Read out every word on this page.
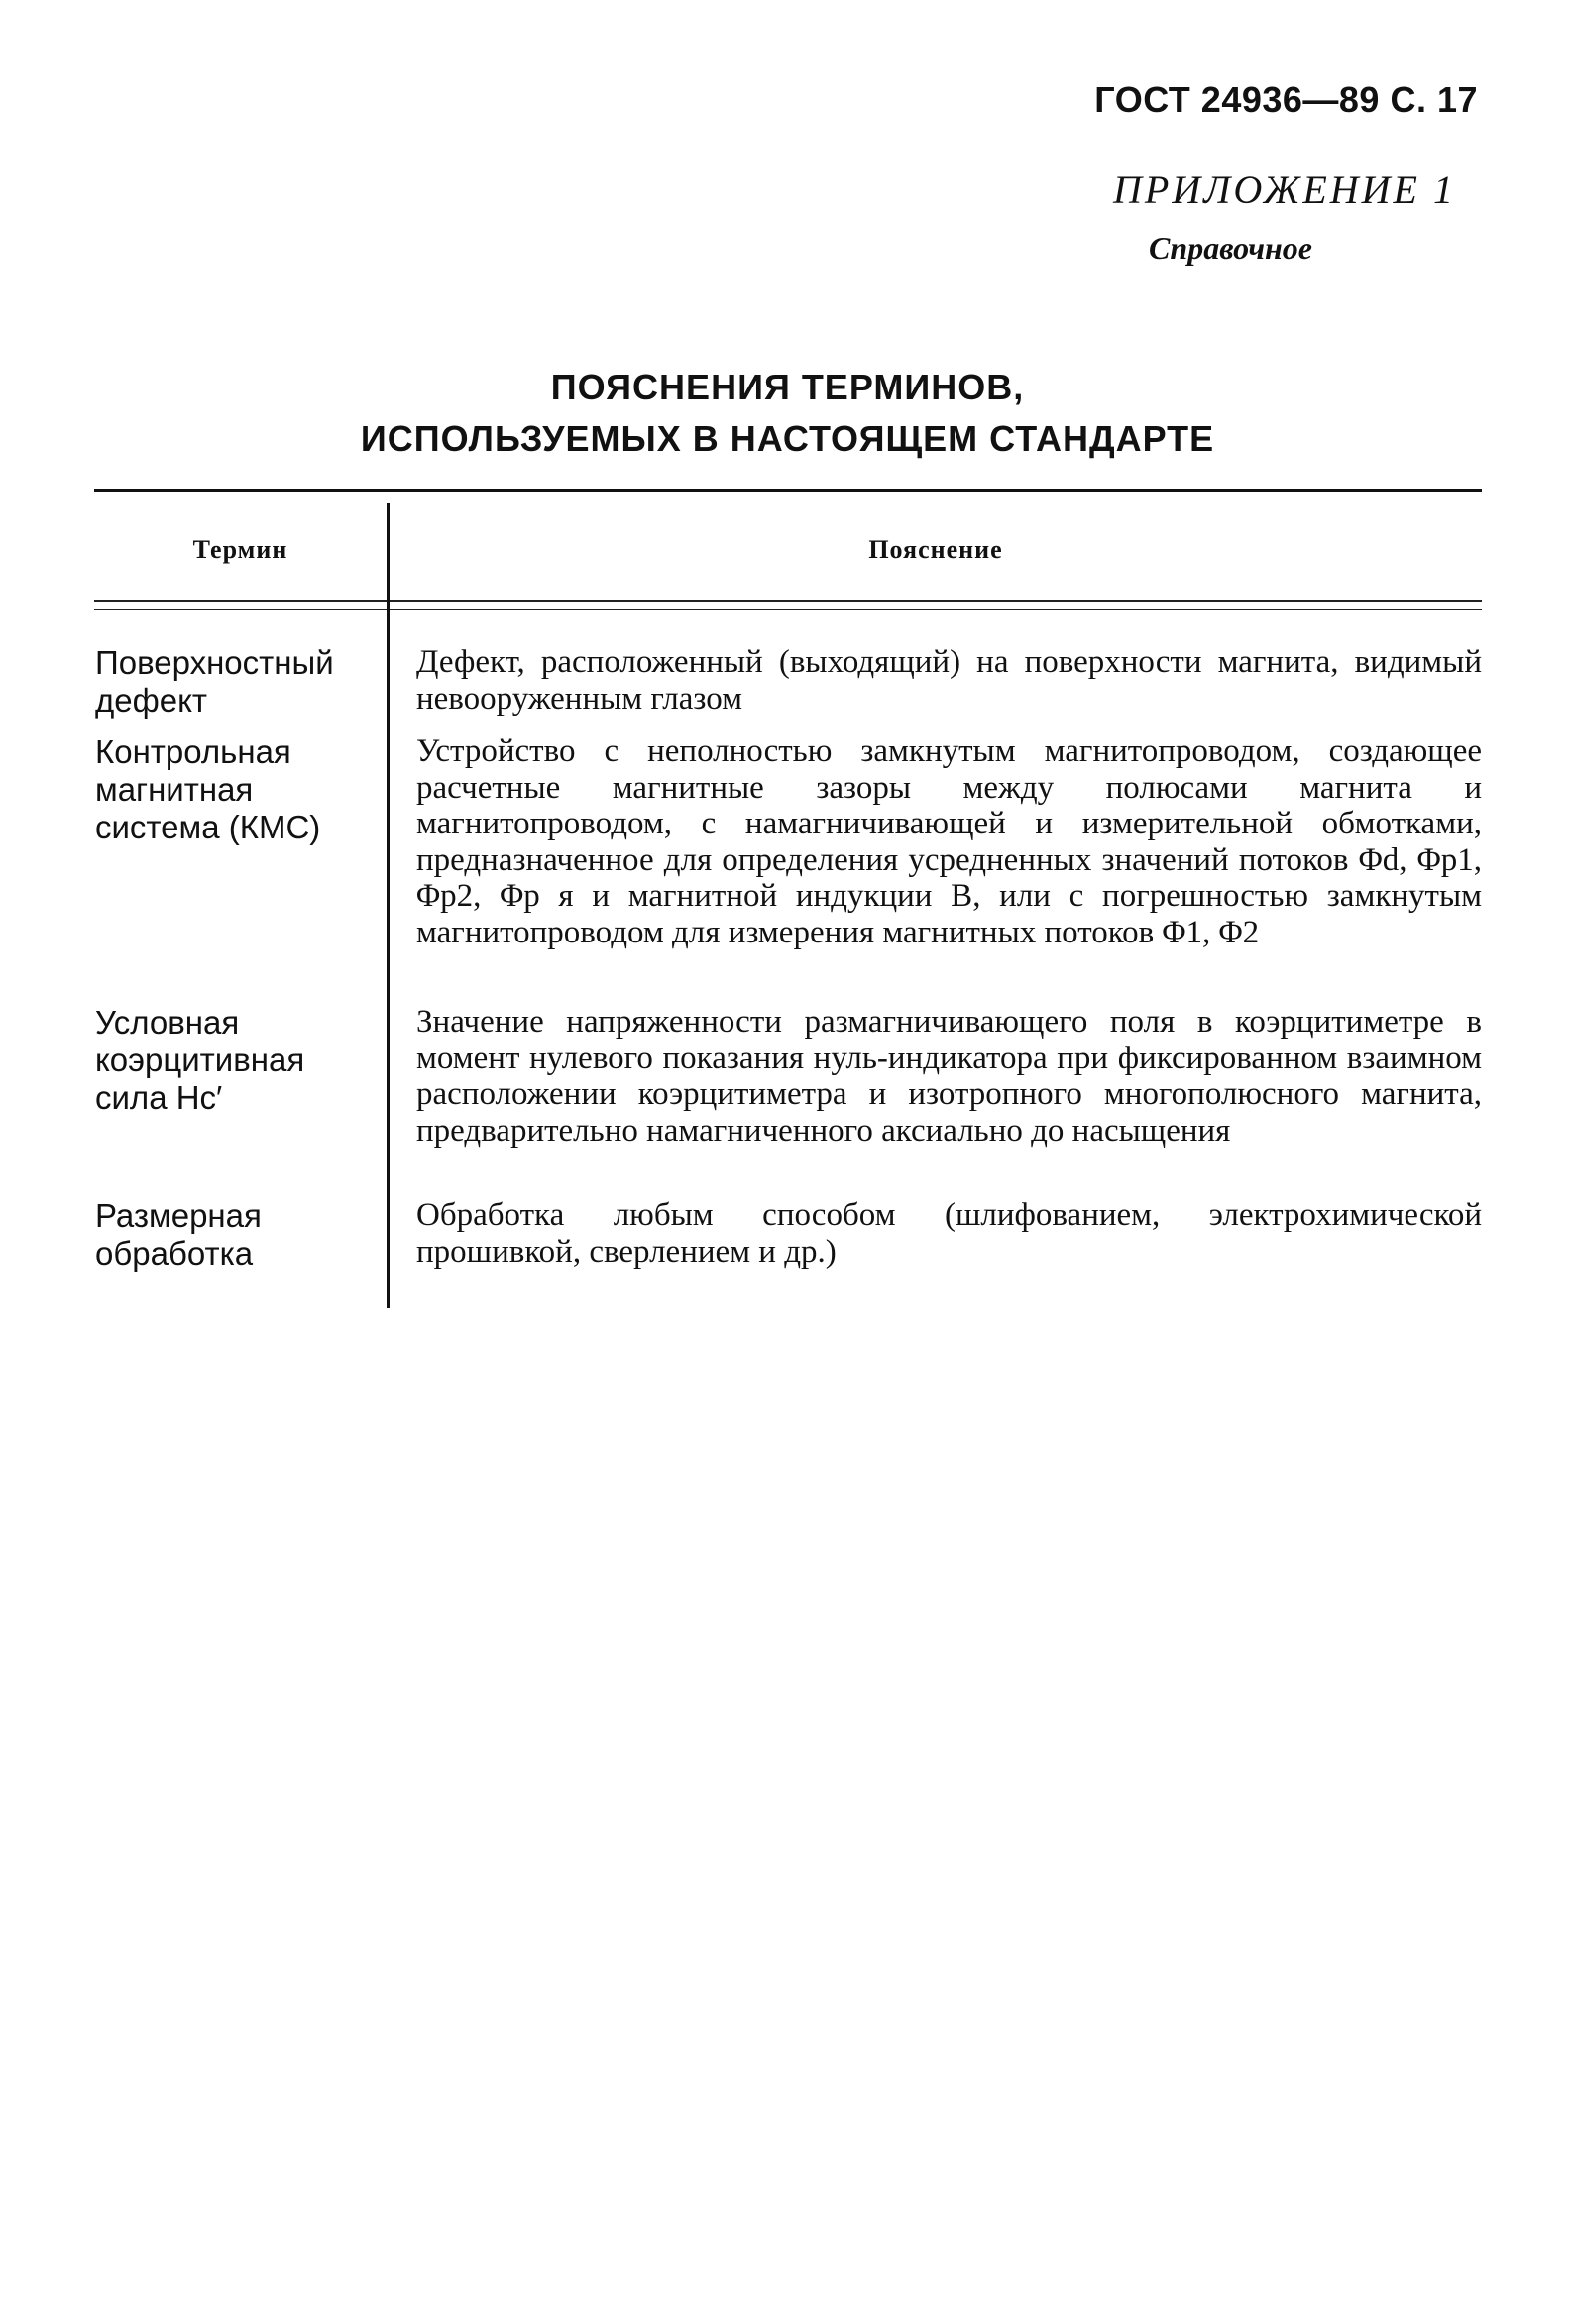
ГОСТ 24936—89 С. 17
ПРИЛОЖЕНИЕ 1
Справочное
ПОЯСНЕНИЯ ТЕРМИНОВ,
ИСПОЛЬЗУЕМЫХ В НАСТОЯЩЕМ СТАНДАРТЕ
Термин	Пояснение
Поверхностный дефект
Дефект, расположенный (выходящий) на поверхности магнита, видимый невооруженным глазом
Контрольная магнитная система (КМС)
Устройство с неполностью замкнутым магнитопроводом, создающее расчетные магнитные зазоры между полюсами магнита и магнитопроводом, с намагничивающей и измерительной обмотками, предназначенное для определения усредненных значений потоков Φd, Φp1, Φp2, Φp я и магнитной индукции B, или с погрешностью замкнутым магнитопроводом для измерения магнитных потоков Φ1, Φ2
Условная коэрцитивная сила Hс′
Значение напряженности размагничивающего поля в коэрцитиметре в момент нулевого показания нуль-индикатора при фиксированном взаимном расположении коэрцитиметра и изотропного многополюсного магнита, предварительно намагниченного аксиально до насыщения
Размерная обработка
Обработка любым способом (шлифованием, электрохимической прошивкой, сверлением и др.)
